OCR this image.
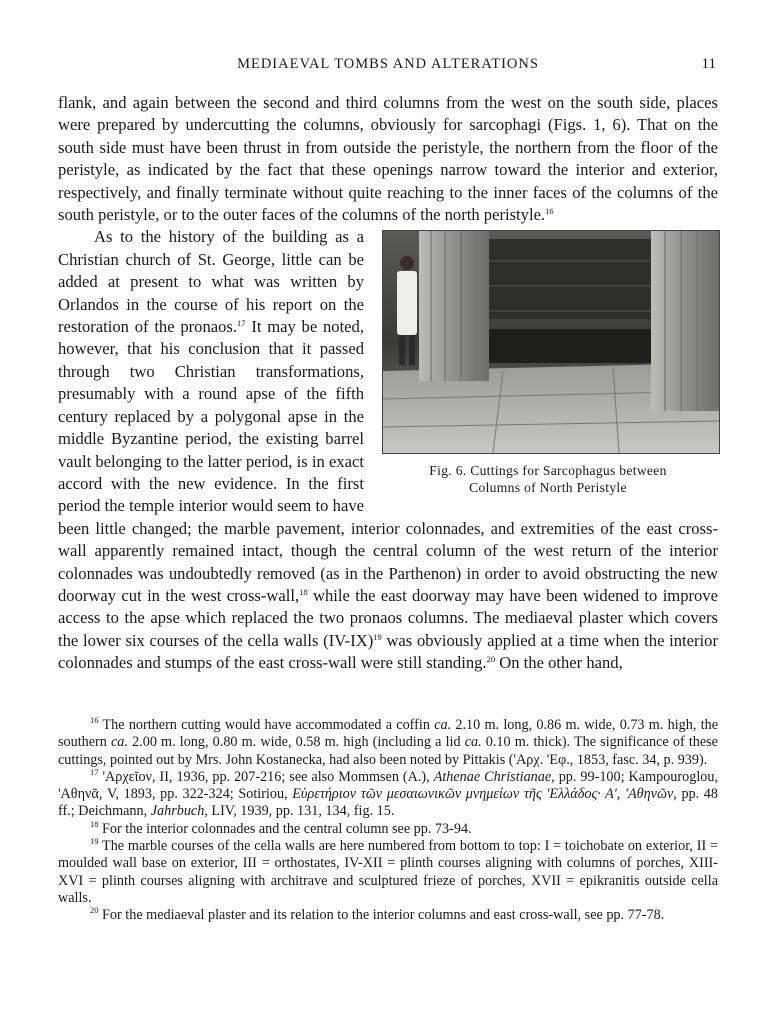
MEDIAEVAL TOMBS AND ALTERATIONS	11

flank, and again between the second and third columns from the west on the south side, places were prepared by undercutting the columns, obviously for sarcophagi (Figs. 1, 6). That on the south side must have been thrust in from outside the peristyle, the northern from the floor of the peristyle, as indicated by the fact that these openings narrow toward the interior and exterior, respectively, and finally terminate without quite reaching to the inner faces of the columns of the south peristyle, or to the outer faces of the columns of the north peristyle.$^{16}$

Fig. 6. Cuttings for Sarcophagus between
Columns of North Peristyle

As to the history of the building as a Christian church of St. George, little can be added at present to what was written by Orlandos in the course of his report on the restoration of the pronaos.$^{17}$ It may be noted, however, that his conclusion that it passed through two Christian transformations, presumably with a round apse of the fifth century replaced by a polygonal apse in the middle Byzantine period, the existing barrel vault belonging to the latter period, is in exact accord with the new evidence. In the first period the temple interior would seem to have been little changed; the marble pavement, interior colonnades, and extremities of the east cross-wall apparently remained intact, though the central column of the west return of the interior colonnades was undoubtedly removed (as in the Parthenon) in order to avoid obstructing the new doorway cut in the west cross-wall,$^{18}$ while the east doorway may have been widened to improve access to the apse which replaced the two pronaos columns. The mediaeval plaster which covers the lower six courses of the cella walls $(IV-IX)^{19}$ was obviously applied at a time when the interior colonnades and stumps of the east cross-wall were still standing.$^{20}$ On the other hand,

$^{16}$ The northern cutting would have accommodated a coffin ca. 2.10 m. long, 0.86 m. wide, 0.73 m. high, the southern ca. 2.00 m. long, 0.80 m. wide, 0.58 m. high (including a lid ca. 0.10 m. thick). The significance of these cuttings, pointed out by Mrs. John Kostanecka, had also been noted by Pittakis ('Αρχ. 'Εφ., 1853, fasc. 34, p. 939).

$^{17}$ 'Αρχεῖον, II, 1936, pp. 207-216; see also Mommsen (A.), Athenae Christianae, pp. 99-100; Kampouroglou, 'Αθηνᾶ, V, 1893, pp. 322-324; Sotiriou, Εὑρετήριον τῶν μεσαιωνικῶν μνημείων τῆς 'Ελλάδος· Α', 'Αθηνῶν, pp. 48 ff.; Deichmann, Jahrbuch, LIV, 1939, pp. 131, 134, fig. 15.

$^{18}$ For the interior colonnades and the central column see pp. 73-94.

$^{19}$ The marble courses of the cella walls are here numbered from bottom to top: I = toichobate on exterior, II = moulded wall base on exterior, III = orthostates, IV-XII = plinth courses aligning with columns of porches, XIII-XVI = plinth courses aligning with architrave and sculptured frieze of porches, XVII = epikranitis outside cella walls.

$^{20}$ For the mediaeval plaster and its relation to the interior columns and east cross-wall, see pp. 77-78.
